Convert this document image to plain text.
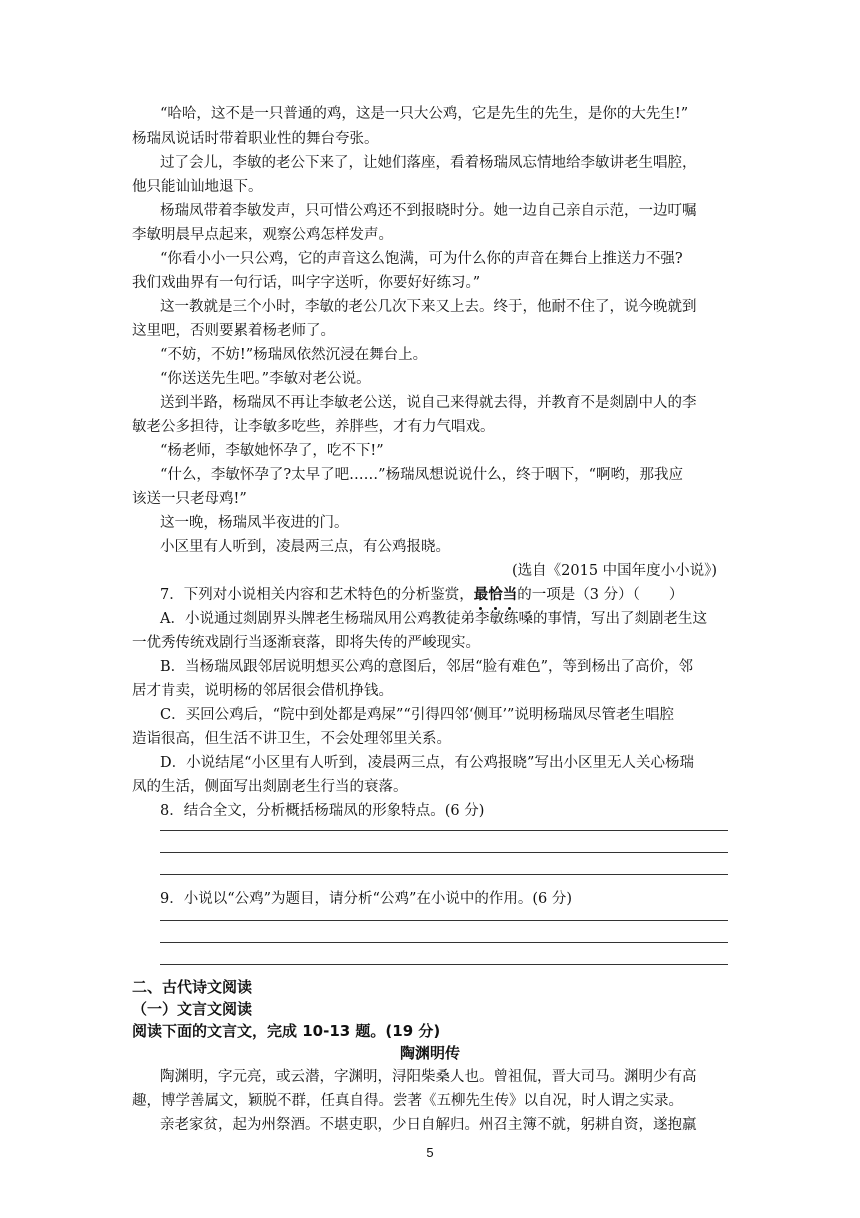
“哈哈，这不是一只普通的鸡，这是一只大公鸡，它是先生的先生，是你的大先生!”
杨瑞凤说话时带着职业性的舞台夸张。
过了会儿，李敏的老公下来了，让她们落座，看着杨瑞凤忘情地给李敏讲老生唱腔，
他只能讪讪地退下。
杨瑞凤带着李敏发声，只可惜公鸡还不到报晓时分。她一边自己亲自示范，一边叮嘱
李敏明晨早点起来，观察公鸡怎样发声。
“你看小小一只公鸡，它的声音这么饱满，可为什么你的声音在舞台上推送力不强?
我们戏曲界有一句行话，叫字字送听，你要好好练习。”
这一教就是三个小时，李敏的老公几次下来又上去。终于，他耐不住了，说今晚就到
这里吧，否则要累着杨老师了。
“不妨，不妨!”杨瑞凤依然沉浸在舞台上。
“你送送先生吧。”李敏对老公说。
送到半路，杨瑞凤不再让李敏老公送，说自己来得就去得，并教育不是剡剧中人的李
敏老公多担待，让李敏多吃些，养胖些，才有力气唱戏。
“杨老师，李敏她怀孕了，吃不下!”
“什么，李敏怀孕了?太早了吧……”杨瑞凤想说说什么，终于咽下，“啊哟，那我应
该送一只老母鸡!”
这一晚，杨瑞凤半夜进的门。
小区里有人听到，凌晨两三点，有公鸡报晓。
(选自《2015 中国年度小小说》)
7．下列对小说相关内容和艺术特色的分析鉴赏，最恰当的一项是（3 分）（　　）
A．小说通过剡剧界头牌老生杨瑞凤用公鸡教徒弟李敏练嗓的事情，写出了剡剧老生这
一优秀传统戏剧行当逐渐衰落，即将失传的严峻现实。
B．当杨瑞凤跟邻居说明想买公鸡的意图后，邻居“脸有难色”，等到杨出了高价，邻
居才肯卖，说明杨的邻居很会借机挣钱。
C．买回公鸡后，“院中到处都是鸡屎”“引得四邻‘侧耳’”说明杨瑞凤尽管老生唱腔
造诣很高，但生活不讲卫生，不会处理邻里关系。
D．小说结尾“小区里有人听到，凌晨两三点，有公鸡报晓”写出小区里无人关心杨瑞
凤的生活，侧面写出剡剧老生行当的衰落。
8．结合全文，分析概括杨瑞凤的形象特点。(6 分)
9．小说以“公鸡”为题目，请分析“公鸡”在小说中的作用。(6 分)
二、古代诗文阅读
（一）文言文阅读
阅读下面的文言文，完成 10-13 题。(19 分)
陶渊明传
陶渊明，字元亮，或云潜，字渊明，浔阳柴桑人也。曾祖侃，晋大司马。渊明少有高
趣，博学善属文，颖脱不群，任真自得。尝著《五柳先生传》以自况，时人谓之实录。
亲老家贫，起为州祭酒。不堪吏职，少日自解归。州召主簿不就，躬耕自资，遂抱羸
5
